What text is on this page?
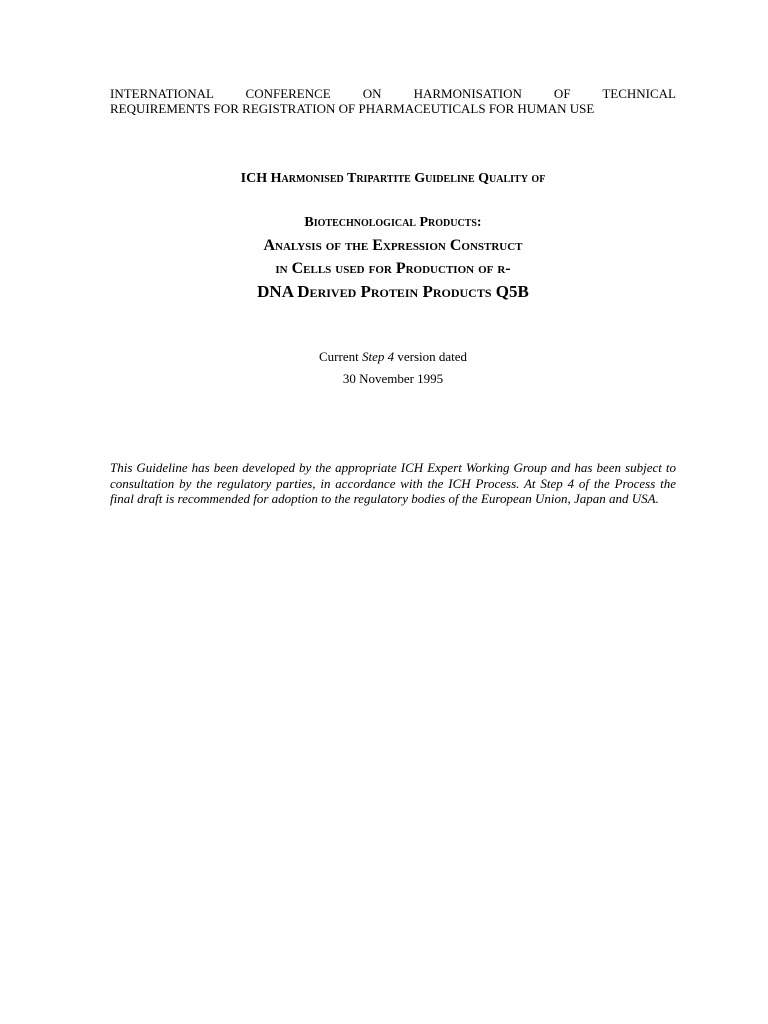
INTERNATIONAL CONFERENCE ON HARMONISATION OF TECHNICAL
REQUIREMENTS FOR REGISTRATION OF PHARMACEUTICALS FOR HUMAN USE
ICH Harmonised Tripartite Guideline Quality of
Biotechnological Products:
Analysis of the Expression Construct
in Cells used for Production of r-
DNA Derived Protein Products Q5B
Current Step 4 version dated
30 November 1995
This Guideline has been developed by the appropriate ICH Expert Working Group and has been subject to consultation by the regulatory parties, in accordance with the ICH Process. At Step 4 of the Process the final draft is recommended for adoption to the regulatory bodies of the European Union, Japan and USA.
